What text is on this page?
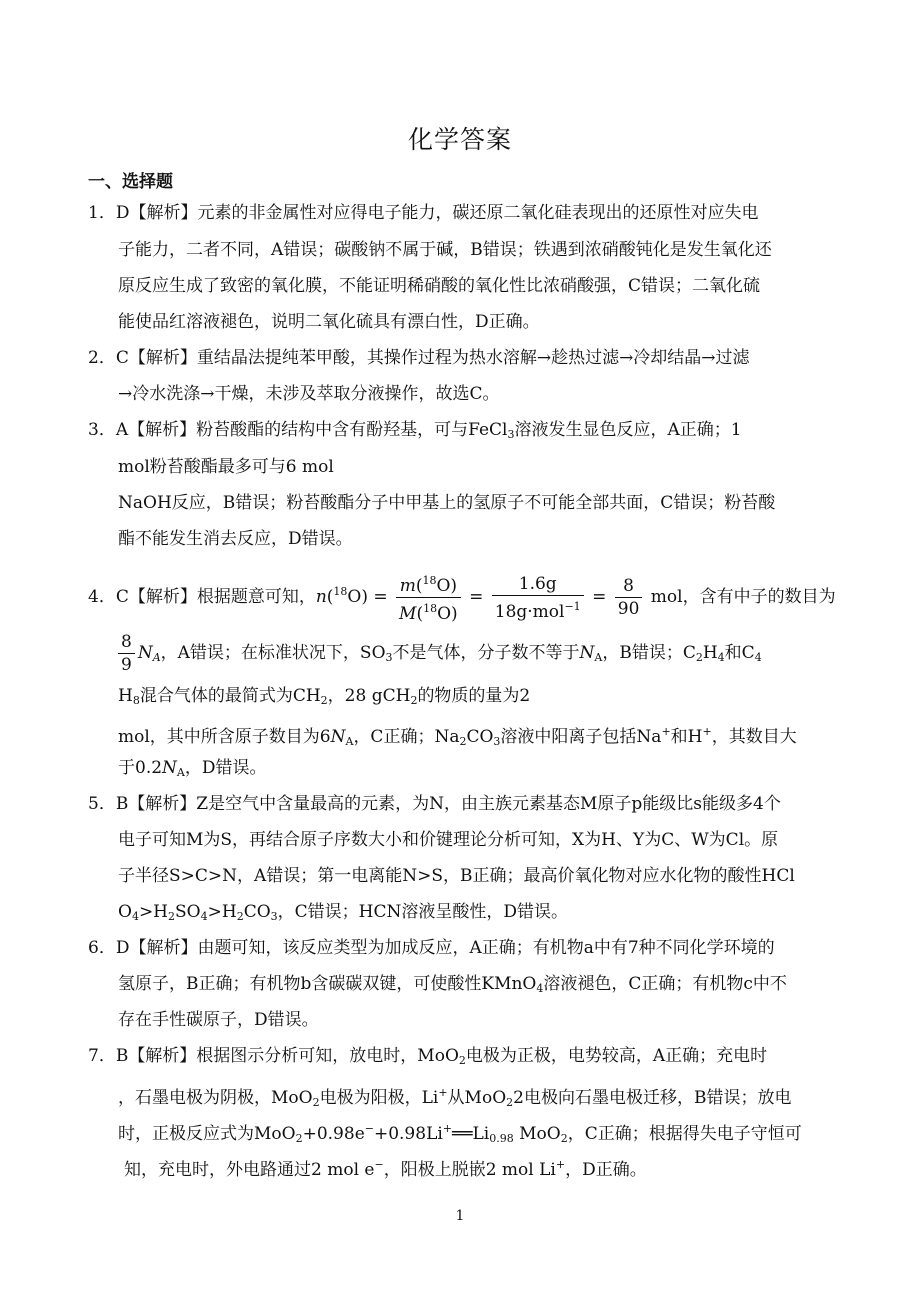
化学答案
一、选择题
1．D【解析】元素的非金属性对应得电子能力，碳还原二氧化硅表现出的还原性对应失电
子能力，二者不同，A错误；碳酸钠不属于碱，B错误；铁遇到浓硝酸钝化是发生氧化还
原反应生成了致密的氧化膜，不能证明稀硝酸的氧化性比浓硝酸强，C错误；二氧化硫
能使品红溶液褪色，说明二氧化硫具有漂白性，D正确。
2．C【解析】重结晶法提纯苯甲酸，其操作过程为热水溶解→趁热过滤→冷却结晶→过滤
→冷水洗涤→干燥，未涉及萃取分液操作，故选C。
3．A【解析】粉苔酸酯的结构中含有酚羟基，可与FeCl$_3$溶液发生显色反应，A正确；1
mol粉苔酸酯最多可与6 mol
NaOH反应，B错误；粉苔酸酯分子中甲基上的氢原子不可能全部共面，C错误；粉苔酸
酯不能发生消去反应，D错误。
4．C【解析】根据题意可知，$n(^{18}O) = \frac{m(^{18}O)}{M(^{18}O)} = \frac{1.6g}{18g\cdot mol^{-1}} = \frac{8}{90}$ mol，含有中子的数目为
$\frac{8}{9} N_A$，A错误；在标准状况下，$SO_3$不是气体，分子数不等于$N_A$，B错误；$C_2H_4$和$C_4$
$H_8$混合气体的最简式为$CH_2$，28 gCH$_2$的物质的量为2
mol，其中所含原子数目为$6N_A$，C正确；$Na_2CO_3$溶液中阳离子包括Na+和H+，其数目大
于$0.2N_A$，D错误。
5．B【解析】Z是空气中含量最高的元素，为N，由主族元素基态M原子p能级比s能级多4个
电子可知M为S，再结合原子序数大小和价键理论分析可知，X为H、Y为C、W为Cl。原
子半径S>C>N，A错误；第一电离能N>S，B正确；最高价氧化物对应水化物的酸性HCl
$O_4>H_2SO_4>H_2CO_3$，C错误；HCN溶液呈酸性，D错误。
6．D【解析】由题可知，该反应类型为加成反应，A正确；有机物a中有7种不同化学环境的
氢原子，B正确；有机物b含碳碳双键，可使酸性KMnO$_4$溶液褪色，C正确；有机物c中不
存在手性碳原子，D错误。
7．B【解析】根据图示分析可知，放电时，MoO$_2$电极为正极，电势较高，A正确；充电时
，石墨电极为阴极，MoO$_2$电极为阳极，Li+从MoO$_2$2电极向石墨电极迁移，B错误；放电
时，正极反应式为$MoO_2+0.98e^-+0.98Li^+══Li_{0.98}$ MoO$_2$，C正确；根据得失电子守恒可
知，充电时，外电路通过2 mol e−，阳极上脱嵌2 mol Li+，D正确。
1
